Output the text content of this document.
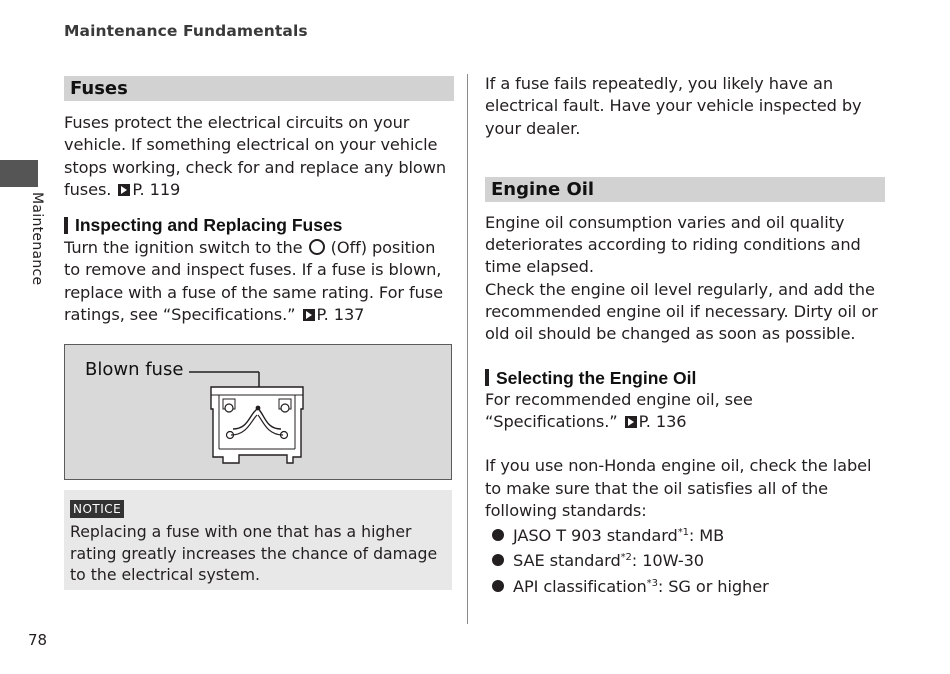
Maintenance Fundamentals
Maintenance
Fuses

Fuses protect the electrical circuits on your vehicle. If something electrical on your vehicle stops working, check for and replace any blown fuses. P. 119

Inspecting and Replacing Fuses

Turn the ignition switch to the (Off) position to remove and inspect fuses. If a fuse is blown, replace with a fuse of the same rating. For fuse ratings, see “Specifications.” P. 137

Blown fuse
NOTICE

Replacing a fuse with one that has a higher rating greatly increases the chance of damage to the electrical system.

If a fuse fails repeatedly, you likely have an electrical fault. Have your vehicle inspected by your dealer.

Engine Oil

Engine oil consumption varies and oil quality deteriorates according to riding conditions and time elapsed.

Check the engine oil level regularly, and add the recommended engine oil if necessary. Dirty oil or old oil should be changed as soon as possible.

Selecting the Engine Oil

For recommended engine oil, see “Specifications.” P. 136

If you use non-Honda engine oil, check the label to make sure that the oil satisfies all of the following standards:

JASO T 903 standard$^{*1}$: MB
SAE standard$^{*2}$: 10W-30
API classification$^{*3}$: SG or higher
78
